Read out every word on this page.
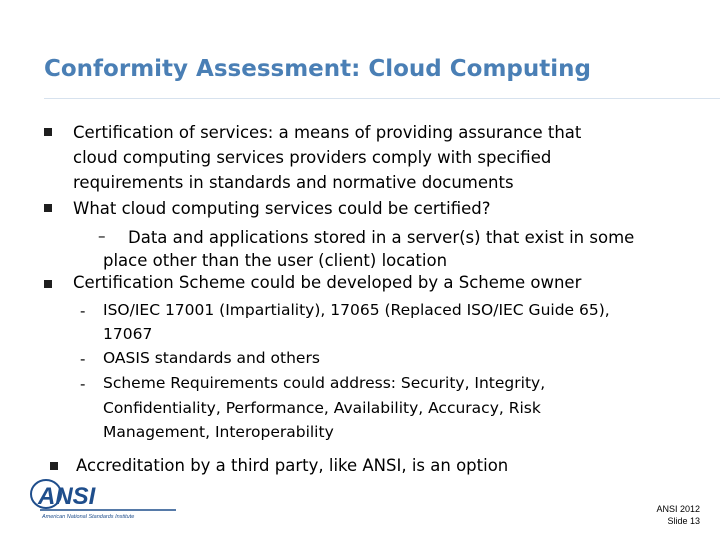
Conformity Assessment: Cloud Computing
Certification of services: a means of providing assurance that
cloud computing services providers comply with specified
requirements in standards and normative documents
What cloud computing services could be certified?
– Data and applications stored in a server(s) that exist in some
place other than the user (client) location
Certification Scheme could be developed by a Scheme owner
- ISO/IEC 17001 (Impartiality), 17065 (Replaced ISO/IEC Guide 65),
17067
- OASIS standards and others
- Scheme Requirements could address: Security, Integrity,
Confidentiality, Performance, Availability, Accuracy, Risk
Management, Interoperability
Accreditation by a third party, like ANSI, is an option
ANSI
American National Standards Institute
ANSI 2012
Slide 13
